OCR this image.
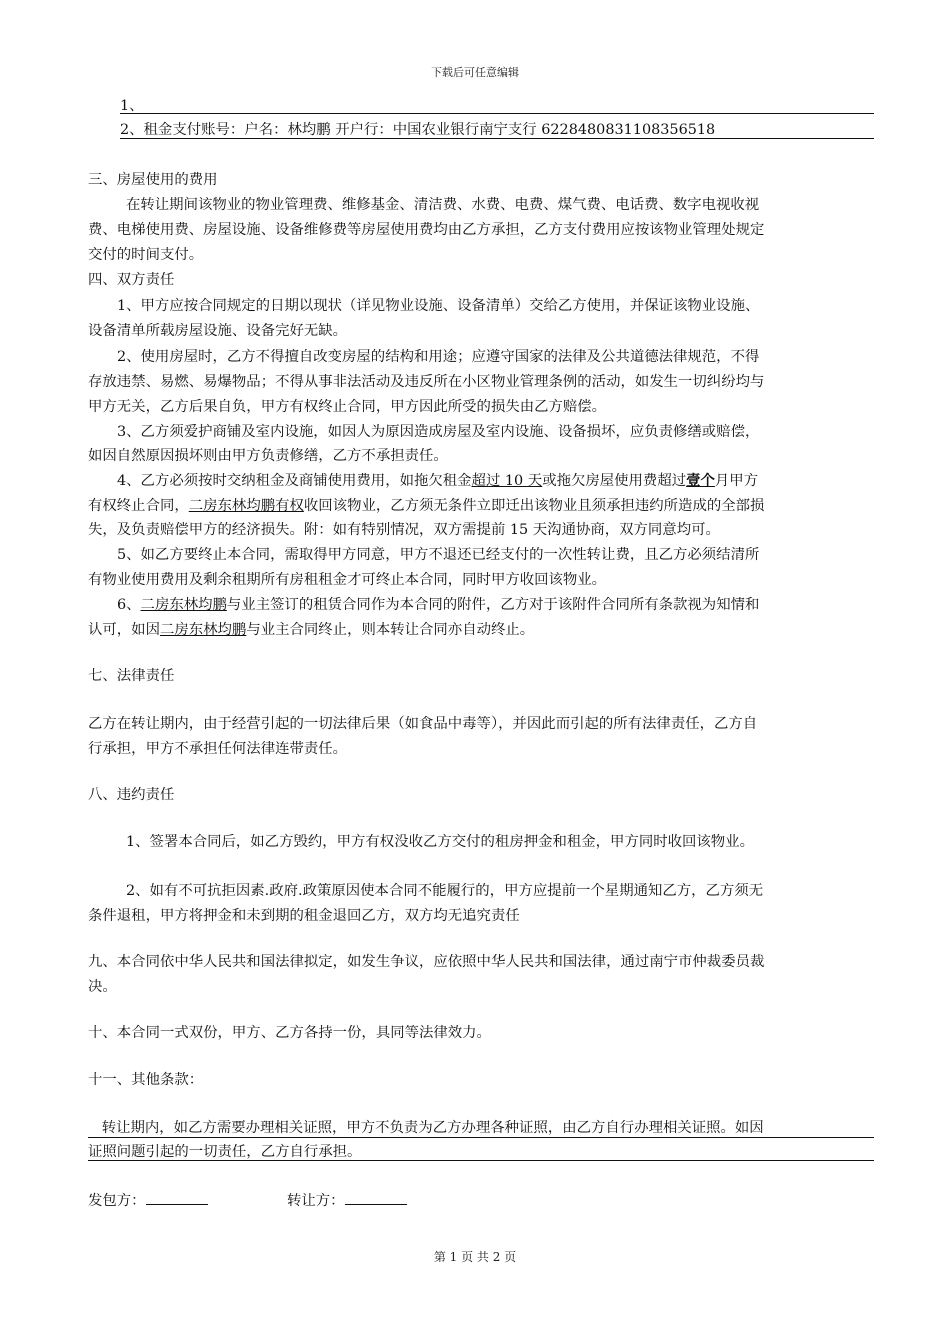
下载后可任意编辑
1、
2、租金支付账号：户名：林均鹏 开户行：中国农业银行南宁支行 6228480831108356518
三、房屋使用的费用
在转让期间该物业的物业管理费、维修基金、清洁费、水费、电费、煤气费、电话费、数字电视收视
费、电梯使用费、房屋设施、设备维修费等房屋使用费均由乙方承担，乙方支付费用应按该物业管理处规定
交付的时间支付。
四、双方责任
1、甲方应按合同规定的日期以现状（详见物业设施、设备清单）交给乙方使用，并保证该物业设施、
设备清单所载房屋设施、设备完好无缺。
2、使用房屋时，乙方不得擅自改变房屋的结构和用途；应遵守国家的法律及公共道德法律规范，不得
存放违禁、易燃、易爆物品；不得从事非法活动及违反所在小区物业管理条例的活动，如发生一切纠纷均与
甲方无关，乙方后果自负，甲方有权终止合同，甲方因此所受的损失由乙方赔偿。
3、乙方须爱护商铺及室内设施，如因人为原因造成房屋及室内设施、设备损坏，应负责修缮或赔偿，
如因自然原因损坏则由甲方负责修缮，乙方不承担责任。
4、乙方必须按时交纳租金及商铺使用费用，如拖欠租金超过 10 天或拖欠房屋使用费超过壹个月甲方
有权终止合同，二房东林均鹏有权收回该物业，乙方须无条件立即迁出该物业且须承担违约所造成的全部损
失，及负责赔偿甲方的经济损失。附：如有特别情况，双方需提前 15 天沟通协商，双方同意均可。
5、如乙方要终止本合同，需取得甲方同意，甲方不退还已经支付的一次性转让费，且乙方必须结清所
有物业使用费用及剩余租期所有房租租金才可终止本合同，同时甲方收回该物业。
6、二房东林均鹏与业主签订的租赁合同作为本合同的附件，乙方对于该附件合同所有条款视为知情和
认可，如因二房东林均鹏与业主合同终止，则本转让合同亦自动终止。
七、法律责任
乙方在转让期内，由于经营引起的一切法律后果（如食品中毒等），并因此而引起的所有法律责任，乙方自
行承担，甲方不承担任何法律连带责任。
八、违约责任
1、签署本合同后，如乙方毁约，甲方有权没收乙方交付的租房押金和租金，甲方同时收回该物业。
2、如有不可抗拒因素.政府.政策原因使本合同不能履行的，甲方应提前一个星期通知乙方，乙方须无
条件退租，甲方将押金和未到期的租金退回乙方，双方均无追究责任
九、本合同依中华人民共和国法律拟定，如发生争议，应依照中华人民共和国法律，通过南宁市仲裁委员裁
决。
十、本合同一式双份，甲方、乙方各持一份，具同等法律效力。
十一、其他条款：
转让期内，如乙方需要办理相关证照，甲方不负责为乙方办理各种证照，由乙方自行办理相关证照。如因
证照问题引起的一切责任，乙方自行承担。
发包方：	转让方：
第 1 页 共 2 页
